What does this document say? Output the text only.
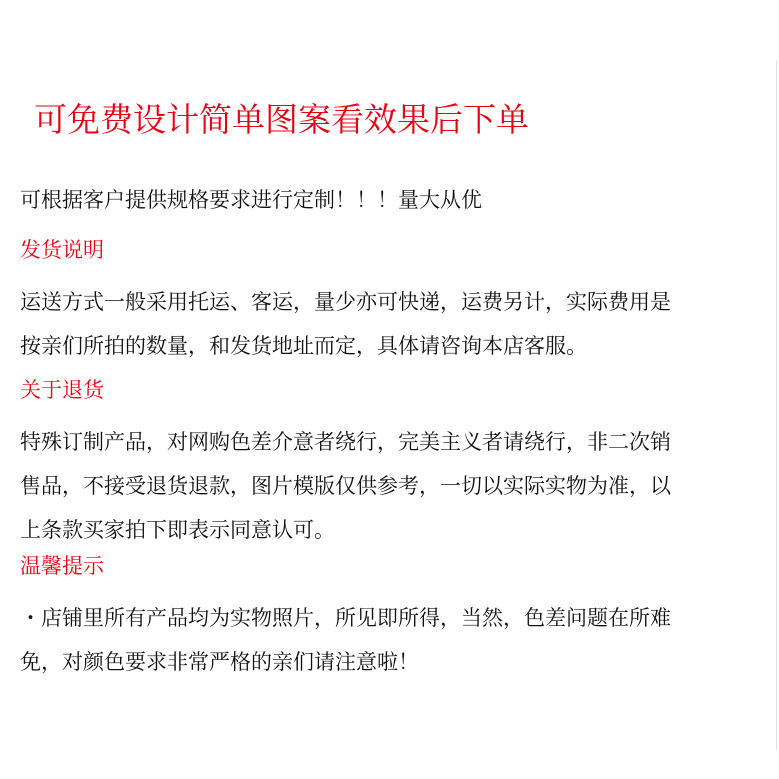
可免费设计简单图案看效果后下单
可根据客户提供规格要求进行定制！！！量大从优
发货说明
运送方式一般采用托运、客运，量少亦可快递，运费另计，实际费用是
按亲们所拍的数量，和发货地址而定，具体请咨询本店客服。
关于退货
特殊订制产品，对网购色差介意者绕行，完美主义者请绕行，非二次销
售品，不接受退货退款，图片模版仅供参考，一切以实际实物为准，以
上条款买家拍下即表示同意认可。
温馨提示
・店铺里所有产品均为实物照片，所见即所得，当然，色差问题在所难
免，对颜色要求非常严格的亲们请注意啦！
